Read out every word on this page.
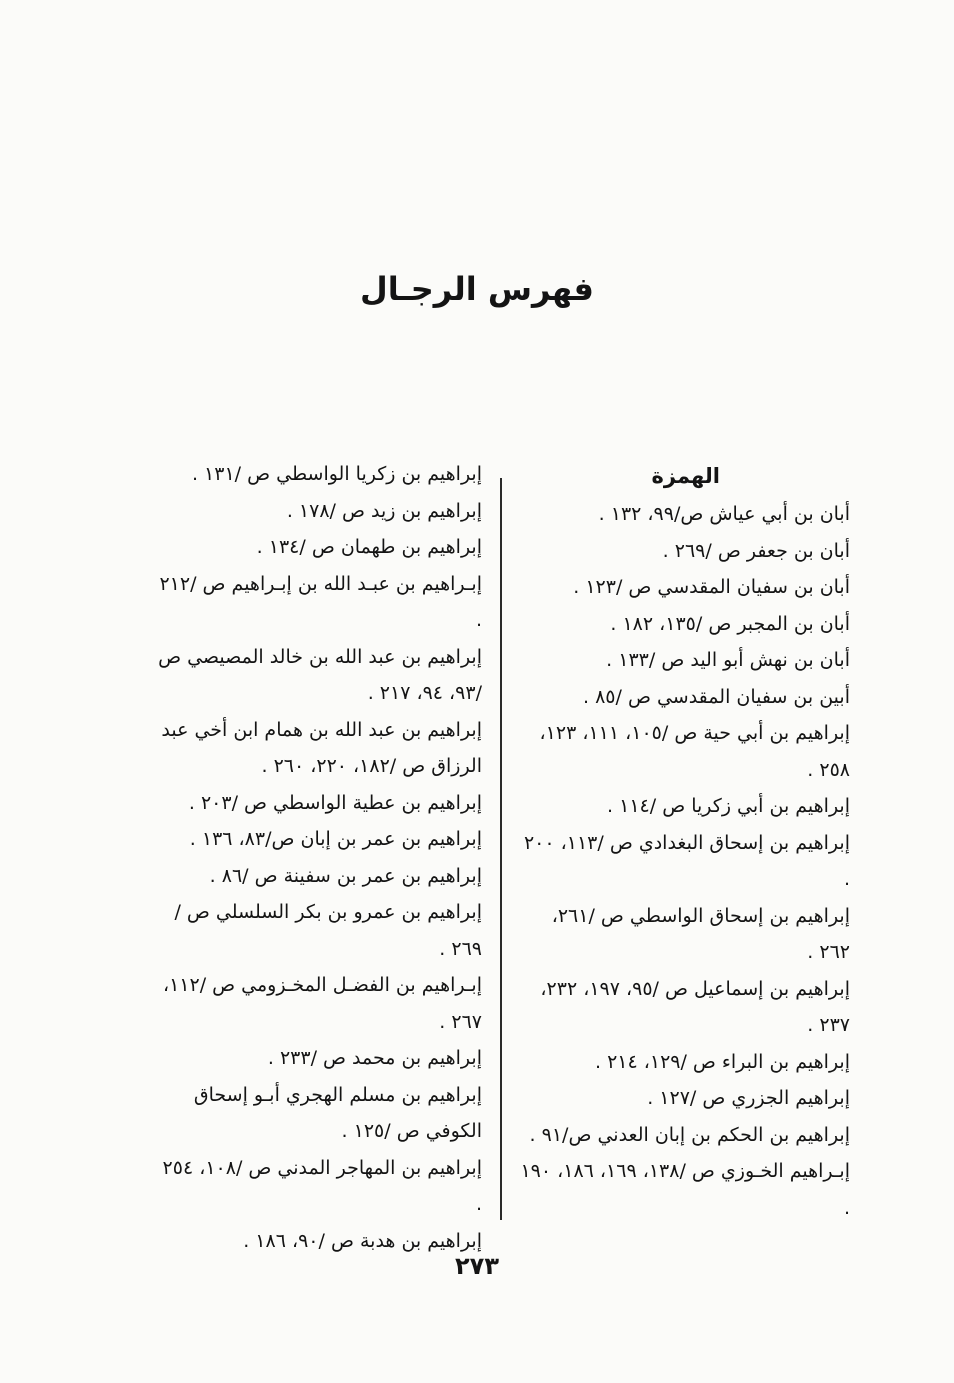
فهرس الرجـال
الهمزة

أبان بن أبي عياش ص/٩٩، ١٣٢ .

أبان بن جعفر ص /٢٦٩ .

أبان بن سفيان المقدسي ص /١٢٣ .

أبان بن المجبر ص /١٣٥، ١٨٢ .

أبان بن نهش أبو اليد ص /١٣٣ .

أبين بن سفيان المقدسي ص /٨٥ .

إبراهيم بن أبي حية ص /١٠٥، ١١١، ١٢٣، ٢٥٨ .

إبراهيم بن أبي زكريا ص /١١٤ .

إبراهيم بن إسحاق البغدادي ص /١١٣، ٢٠٠ .

إبراهيم بن إسحاق الواسطي ص /٢٦١، ٢٦٢ .

إبراهيم بن إسماعيل ص /٩٥، ١٩٧، ٢٣٢، ٢٣٧ .

إبراهيم بن البراء ص /١٢٩، ٢١٤ .

إبراهيم الجزري ص /١٢٧ .

إبراهيم بن الحكم بن إبان العدني ص/٩١ .

إبـراهيم الخـوزي ص /١٣٨، ١٦٩، ١٨٦، ١٩٠ .

إبراهيم بن زكريا الواسطي ص /١٣١ .

إبراهيم بن زيد ص /١٧٨ .

إبراهيم بن طهمان ص /١٣٤ .

إبـراهيم بن عبـد الله بن إبـراهيم ص /٢١٢ .

إبراهيم بن عبد الله بن خالد المصيصي ص /٩٣، ٩٤، ٢١٧ .

إبراهيم بن عبد الله بن همام ابن أخي عبد الرزاق ص /١٨٢، ٢٢٠، ٢٦٠ .

إبراهيم بن عطية الواسطي ص /٢٠٣ .

إبراهيم بن عمر بن إبان ص/٨٣، ١٣٦ .

إبراهيم بن عمر بن سفينة ص /٨٦ .

إبراهيم بن عمرو بن بكر السلسلي ص /٢٦٩ .

إبـراهيم بن الفضـل المخـزومي ص /١١٢، ٢٦٧ .

إبراهيم بن محمد ص /٢٣٣ .

إبراهيم بن مسلم الهجري أبـو إسحاق الكوفي ص /١٢٥ .

إبراهيم بن المهاجر المدني ص /١٠٨، ٢٥٤ .

إبراهيم بن هدبة ص /٩٠، ١٨٦ .

٢٧٣
